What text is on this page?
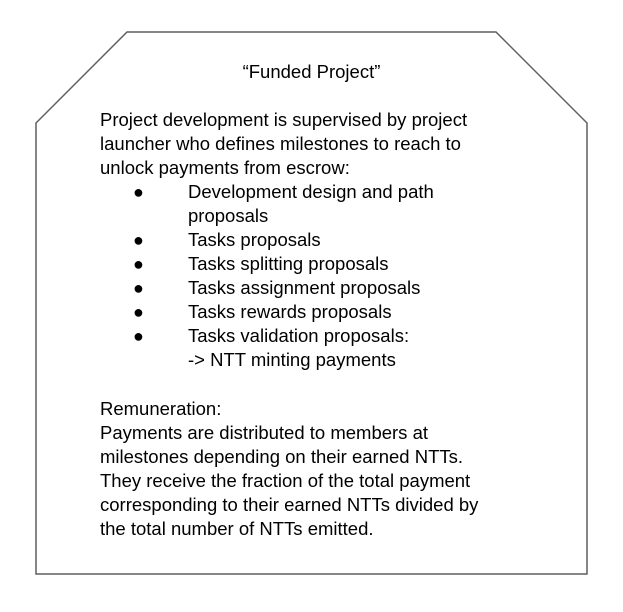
“Funded Project”
Project development is supervised by project
launcher who defines milestones to reach to
unlock payments from escrow:
● Development design and path
proposals
● Tasks proposals
● Tasks splitting proposals
● Tasks assignment proposals
● Tasks rewards proposals
● Tasks validation proposals:
-> NTT minting payments
Remuneration:
Payments are distributed to members at
milestones depending on their earned NTTs.
They receive the fraction of the total payment
corresponding to their earned NTTs divided by
the total number of NTTs emitted.
